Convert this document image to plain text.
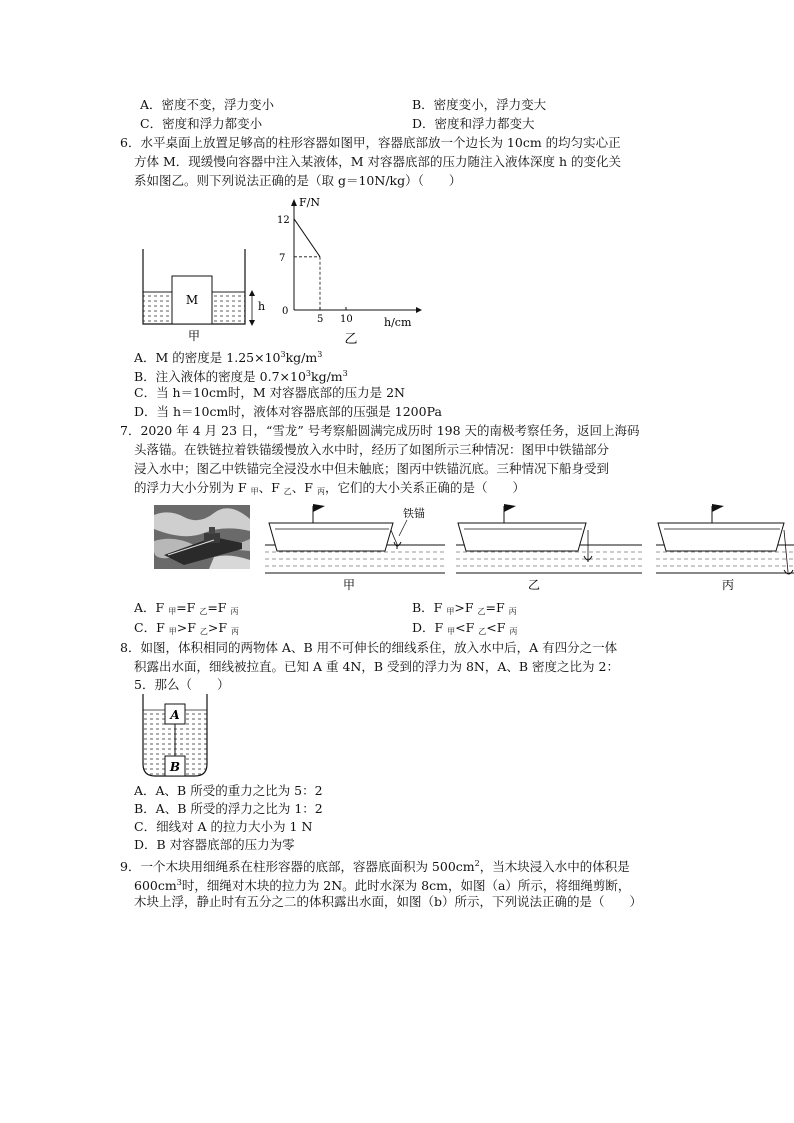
A．密度不变，浮力变小	B．密度变小，浮力变大
C．密度和浮力都变小	D．密度和浮力都变大
6．水平桌面上放置足够高的柱形容器如图甲，容器底部放一个边长为 10cm 的均匀实心正
方体 M．现缓慢向容器中注入某液体，M 对容器底部的压力随注入液体深度 h 的变化关
系如图乙。则下列说法正确的是（取 g＝10N/kg）（　　）
M	h
甲
F/N
h/cm
0
7
12
5 10
乙
A．M 的密度是 $1.25\times 10^3kg/m^3$
B．注入液体的密度是 $0.7\times 10^3kg/m^3$
C．当 h＝10cm时，M 对容器底部的压力是 2N
D．当 h＝10cm时，液体对容器底部的压强是 1200Pa
7．2020 年 4 月 23 日，“雪龙” 号考察船圆满完成历时 198 天的南极考察任务，返回上海码
头落锚。在铁链拉着铁锚缓慢放入水中时，经历了如图所示三种情况：图甲中铁锚部分
浸入水中；图乙中铁锚完全浸没水中但未触底；图丙中铁锚沉底。三种情况下船身受到
的浮力大小分别为 F $_甲$、F $_乙$、F $_丙$，它们的大小关系正确的是（　　）
铁锚
甲	乙	丙
A．F $_甲$=F $_乙$=F $_丙$	B．F $_甲$>F $_乙$=F $_丙$
C．F $_甲$>F $_乙$>F $_丙$	D．F $_甲$<F $_乙$<F $_丙$
8．如图，体积相同的两物体 A、B 用不可伸长的细线系住，放入水中后，A 有四分之一体
积露出水面，细线被拉直。已知 A 重 4N，B 受到的浮力为 8N，A、B 密度之比为 2：
5．那么（　　）
A
B
A．A、B 所受的重力之比为 5：2
B．A、B 所受的浮力之比为 1：2
C．细线对 A 的拉力大小为 1 N
D．B 对容器底部的压力为零
9．一个木块用细绳系在柱形容器的底部，容器底面积为 $500cm^2$，当木块浸入水中的体积是
$600cm^3$时，细绳对木块的拉力为 2N。此时水深为 8cm，如图（a）所示，将细绳剪断，
木块上浮，静止时有五分之二的体积露出水面，如图（b）所示，下列说法正确的是（　　）
